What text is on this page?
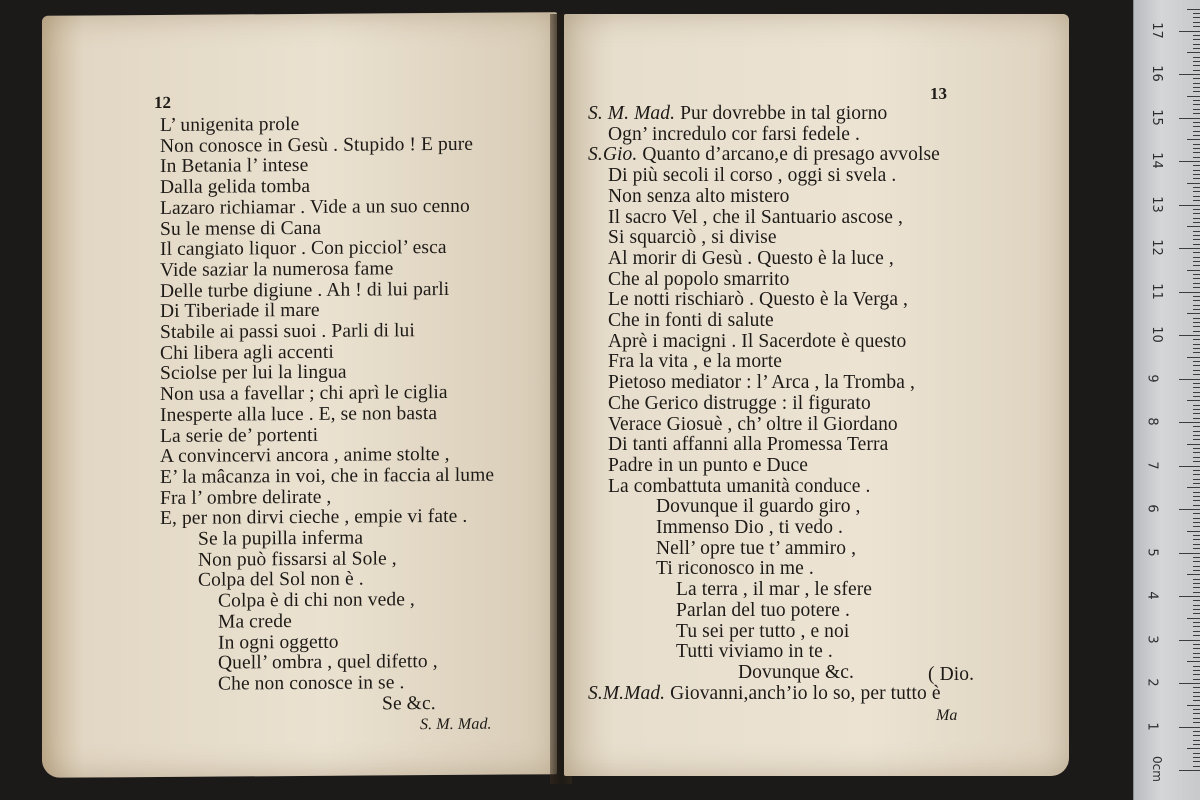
12
L’ unigenita prole
Non conosce in Gesù . Stupido ! E pure
In Betania l’ intese
Dalla gelida tomba
Lazaro richiamar . Vide a un suo cenno
Su le mense di Cana
Il cangiato liquor . Con picciol’ esca
Vide saziar la numerosa fame
Delle turbe digiune . Ah ! di lui parli
Di Tiberiade il mare
Stabile ai passi suoi . Parli di lui
Chi libera agli accenti
Sciolse per lui la lingua
Non usa a favellar ; chi aprì le ciglia
Inesperte alla luce . E, se non basta
La serie de’ portenti
A convincervi ancora , anime stolte ,
E’ la mâcanza in voi, che in faccia al lume
Fra l’ ombre delirate ,
E, per non dirvi cieche , empie vi fate .
Se la pupilla inferma
Non può fissarsi al Sole ,
Colpa del Sol non è .
Colpa è di chi non vede ,
Ma crede
In ogni oggetto
Quell’ ombra , quel difetto ,
Che non conosce in se .
Se &c.
S. M. Mad.
13
S. M. Mad. Pur dovrebbe in tal giorno
Ogn’ incredulo cor farsi fedele .
S.Gio. Quanto d’arcano,e di presago avvolse
Di più secoli il corso , oggi si svela .
Non senza alto mistero
Il sacro Vel , che il Santuario ascose ,
Si squarciò , si divise
Al morir di Gesù . Questo è la luce ,
Che al popolo smarrito
Le notti rischiarò . Questo è la Verga ,
Che in fonti di salute
Aprè i macigni . Il Sacerdote è questo
Fra la vita , e la morte
Pietoso mediator : l’ Arca , la Tromba ,
Che Gerico distrugge : il figurato
Verace Giosuè , ch’ oltre il Giordano
Di tanti affanni alla Promessa Terra
Padre in un punto e Duce
La combattuta umanità conduce .
Dovunque il guardo giro ,
Immenso Dio , ti vedo .
Nell’ opre tue t’ ammiro ,
Ti riconosco in me .
La terra , il mar , le sfere
Parlan del tuo potere .
Tu sei per tutto , e noi
Tutti viviamo in te .
Dovunque &c.
S.M.Mad. Giovanni,anch’io lo so, per tutto è
( Dio.
Ma
0cm
1
2
3
4
5
6
7
8
9
10
11
12
13
14
15
16
17
